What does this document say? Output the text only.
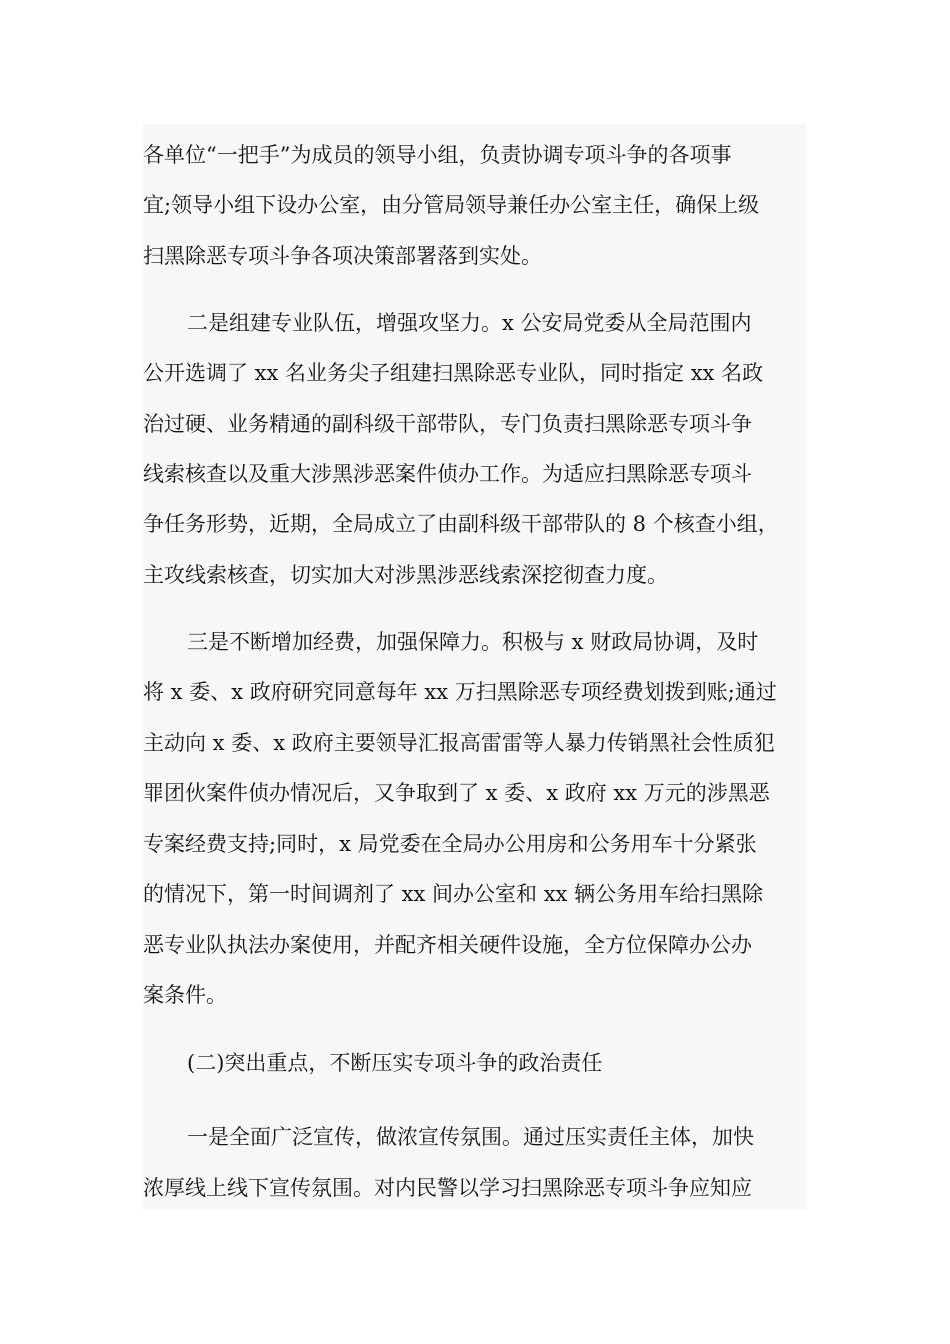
各单位“一把手”为成员的领导小组，负责协调专项斗争的各项事
宜;领导小组下设办公室，由分管局领导兼任办公室主任，确保上级
扫黑除恶专项斗争各项决策部署落到实处。
二是组建专业队伍，增强攻坚力。x 公安局党委从全局范围内
公开选调了 xx 名业务尖子组建扫黑除恶专业队，同时指定 xx 名政
治过硬、业务精通的副科级干部带队，专门负责扫黑除恶专项斗争
线索核查以及重大涉黑涉恶案件侦办工作。为适应扫黑除恶专项斗
争任务形势，近期，全局成立了由副科级干部带队的 8 个核查小组，
主攻线索核查，切实加大对涉黑涉恶线索深挖彻查力度。
三是不断增加经费，加强保障力。积极与 x 财政局协调，及时
将 x 委、x 政府研究同意每年 xx 万扫黑除恶专项经费划拨到账;通过
主动向 x 委、x 政府主要领导汇报高雷雷等人暴力传销黑社会性质犯
罪团伙案件侦办情况后，又争取到了 x 委、x 政府 xx 万元的涉黑恶
专案经费支持;同时，x 局党委在全局办公用房和公务用车十分紧张
的情况下，第一时间调剂了 xx 间办公室和 xx 辆公务用车给扫黑除
恶专业队执法办案使用，并配齐相关硬件设施，全方位保障办公办
案条件。
(二)突出重点，不断压实专项斗争的政治责任
一是全面广泛宣传，做浓宣传氛围。通过压实责任主体，加快
浓厚线上线下宣传氛围。对内民警以学习扫黑除恶专项斗争应知应
